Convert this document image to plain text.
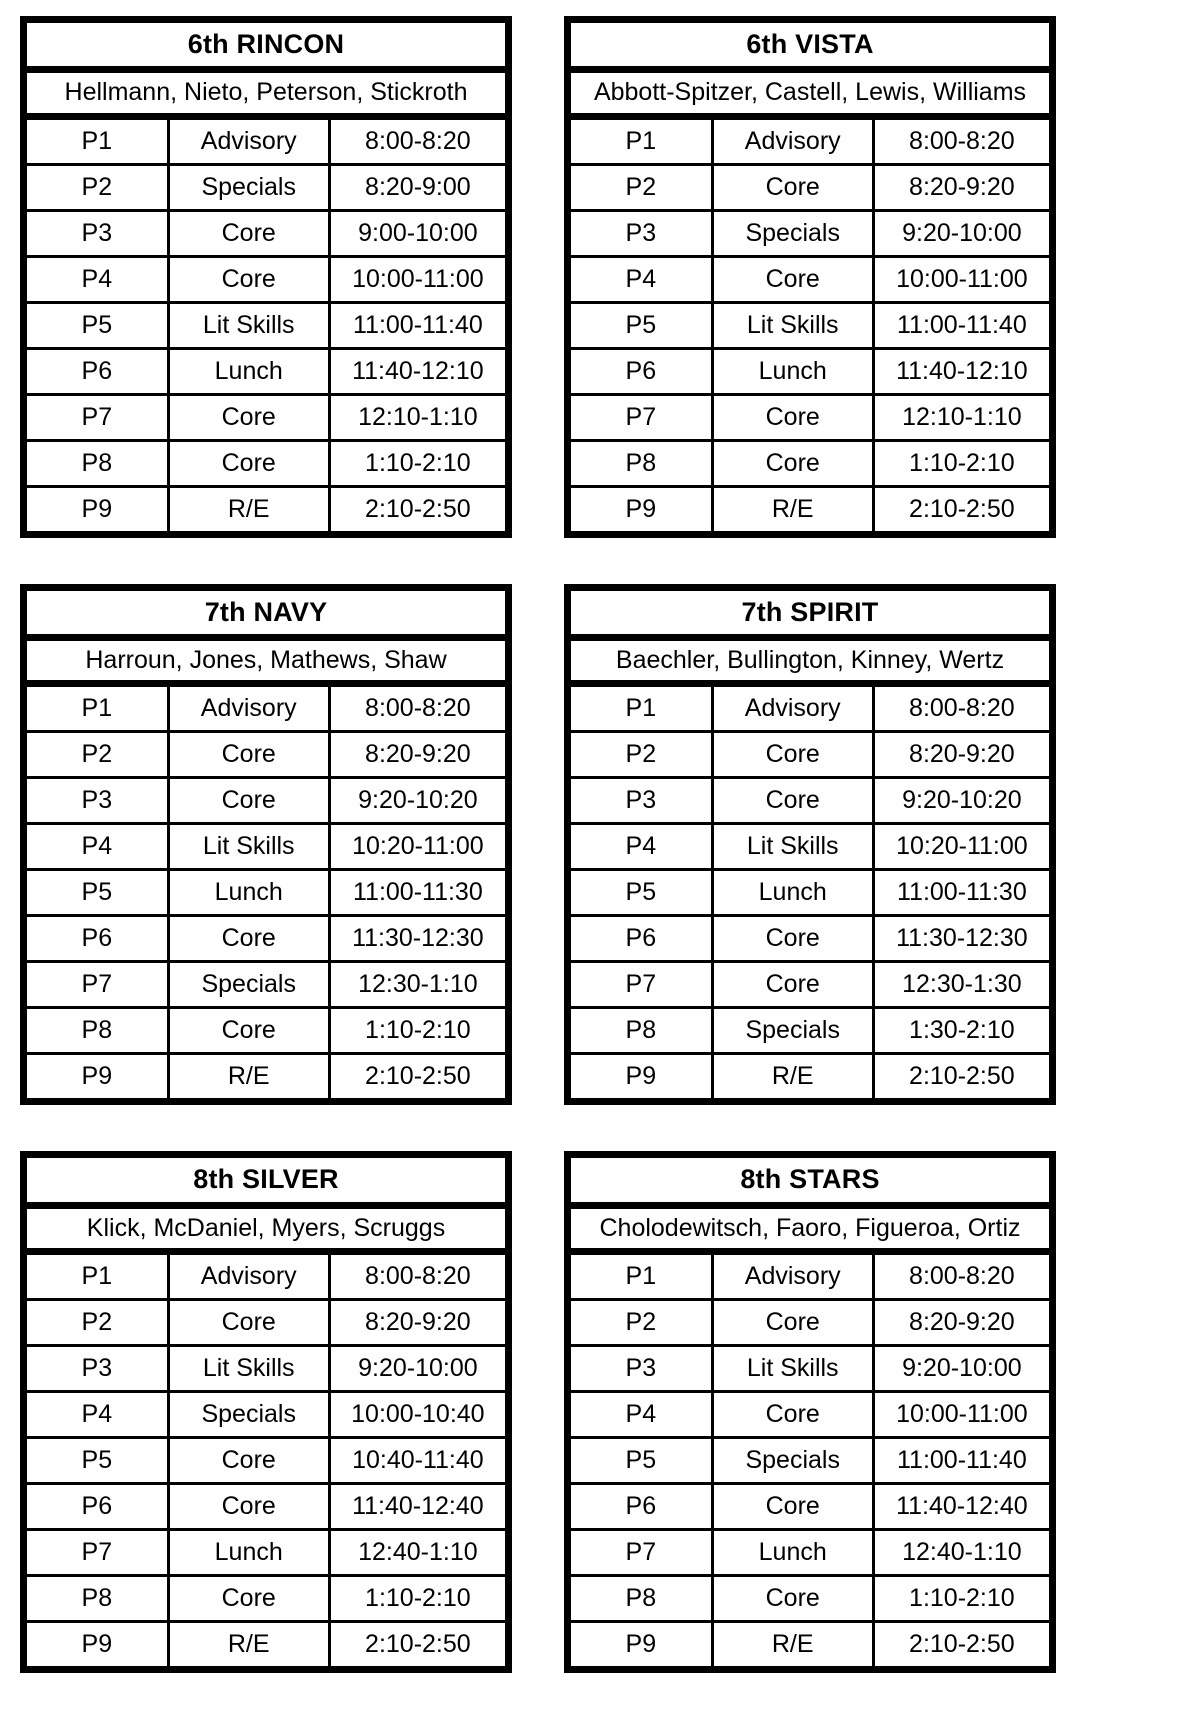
6th RINCON
Hellmann, Nieto, Peterson, Stickroth
P1	Advisory	8:00-8:20
P2	Specials	8:20-9:00
P3	Core	9:00-10:00
P4	Core	10:00-11:00
P5	Lit Skills	11:00-11:40
P6	Lunch	11:40-12:10
P7	Core	12:10-1:10
P8	Core	1:10-2:10
P9	R/E	2:10-2:50
6th VISTA
Abbott-Spitzer, Castell, Lewis, Williams
P1	Advisory	8:00-8:20
P2	Core	8:20-9:20
P3	Specials	9:20-10:00
P4	Core	10:00-11:00
P5	Lit Skills	11:00-11:40
P6	Lunch	11:40-12:10
P7	Core	12:10-1:10
P8	Core	1:10-2:10
P9	R/E	2:10-2:50
7th NAVY
Harroun, Jones, Mathews, Shaw
P1	Advisory	8:00-8:20
P2	Core	8:20-9:20
P3	Core	9:20-10:20
P4	Lit Skills	10:20-11:00
P5	Lunch	11:00-11:30
P6	Core	11:30-12:30
P7	Specials	12:30-1:10
P8	Core	1:10-2:10
P9	R/E	2:10-2:50
7th SPIRIT
Baechler, Bullington, Kinney, Wertz
P1	Advisory	8:00-8:20
P2	Core	8:20-9:20
P3	Core	9:20-10:20
P4	Lit Skills	10:20-11:00
P5	Lunch	11:00-11:30
P6	Core	11:30-12:30
P7	Core	12:30-1:30
P8	Specials	1:30-2:10
P9	R/E	2:10-2:50
8th SILVER
Klick, McDaniel, Myers, Scruggs
P1	Advisory	8:00-8:20
P2	Core	8:20-9:20
P3	Lit Skills	9:20-10:00
P4	Specials	10:00-10:40
P5	Core	10:40-11:40
P6	Core	11:40-12:40
P7	Lunch	12:40-1:10
P8	Core	1:10-2:10
P9	R/E	2:10-2:50
8th STARS
Cholodewitsch, Faoro, Figueroa, Ortiz
P1	Advisory	8:00-8:20
P2	Core	8:20-9:20
P3	Lit Skills	9:20-10:00
P4	Core	10:00-11:00
P5	Specials	11:00-11:40
P6	Core	11:40-12:40
P7	Lunch	12:40-1:10
P8	Core	1:10-2:10
P9	R/E	2:10-2:50
